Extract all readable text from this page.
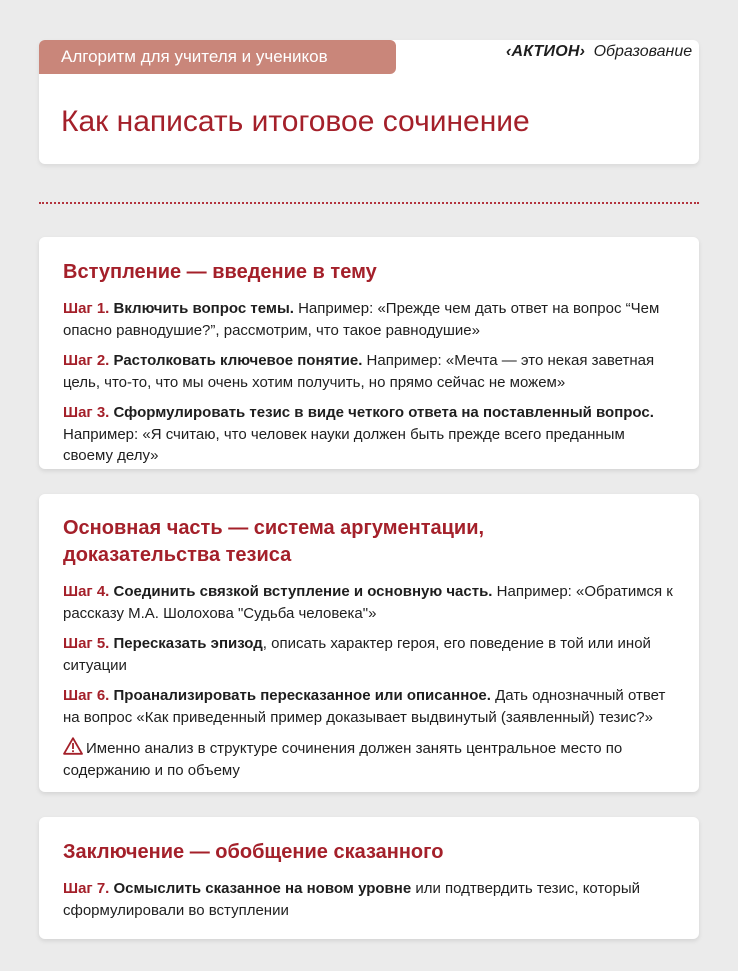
Алгоритм для учителя и учеников	‹АКТИОН› Образование
Как написать итоговое сочинение
Вступление — введение в тему

Шаг 1. Включить вопрос темы. Например: «Прежде чем дать ответ на вопрос “Чем опасно равнодушие?”, рассмотрим, что такое равнодушие»

Шаг 2. Растолковать ключевое понятие. Например: «Мечта — это некая заветная цель, что-то, что мы очень хотим получить, но прямо сейчас не можем»

Шаг 3. Сформулировать тезис в виде четкого ответа на поставленный вопрос. Например: «Я считаю, что человек науки должен быть прежде всего преданным своему делу»

Основная часть — система аргументации,
доказательства тезиса

Шаг 4. Соединить связкой вступление и основную часть. Например: «Обратимся к рассказу М.А. Шолохова "Судьба человека"»

Шаг 5. Пересказать эпизод, описать характер героя, его поведение в той или иной ситуации

Шаг 6. Проанализировать пересказанное или описанное. Дать однозначный ответ на вопрос «Как приведенный пример доказывает выдвинутый (заявленный) тезис?»

Именно анализ в структуре сочинения должен занять центральное место по содержанию и по объему

Заключение — обобщение сказанного

Шаг 7. Осмыслить сказанное на новом уровне или подтвердить тезис, который сформулировали во вступлении
